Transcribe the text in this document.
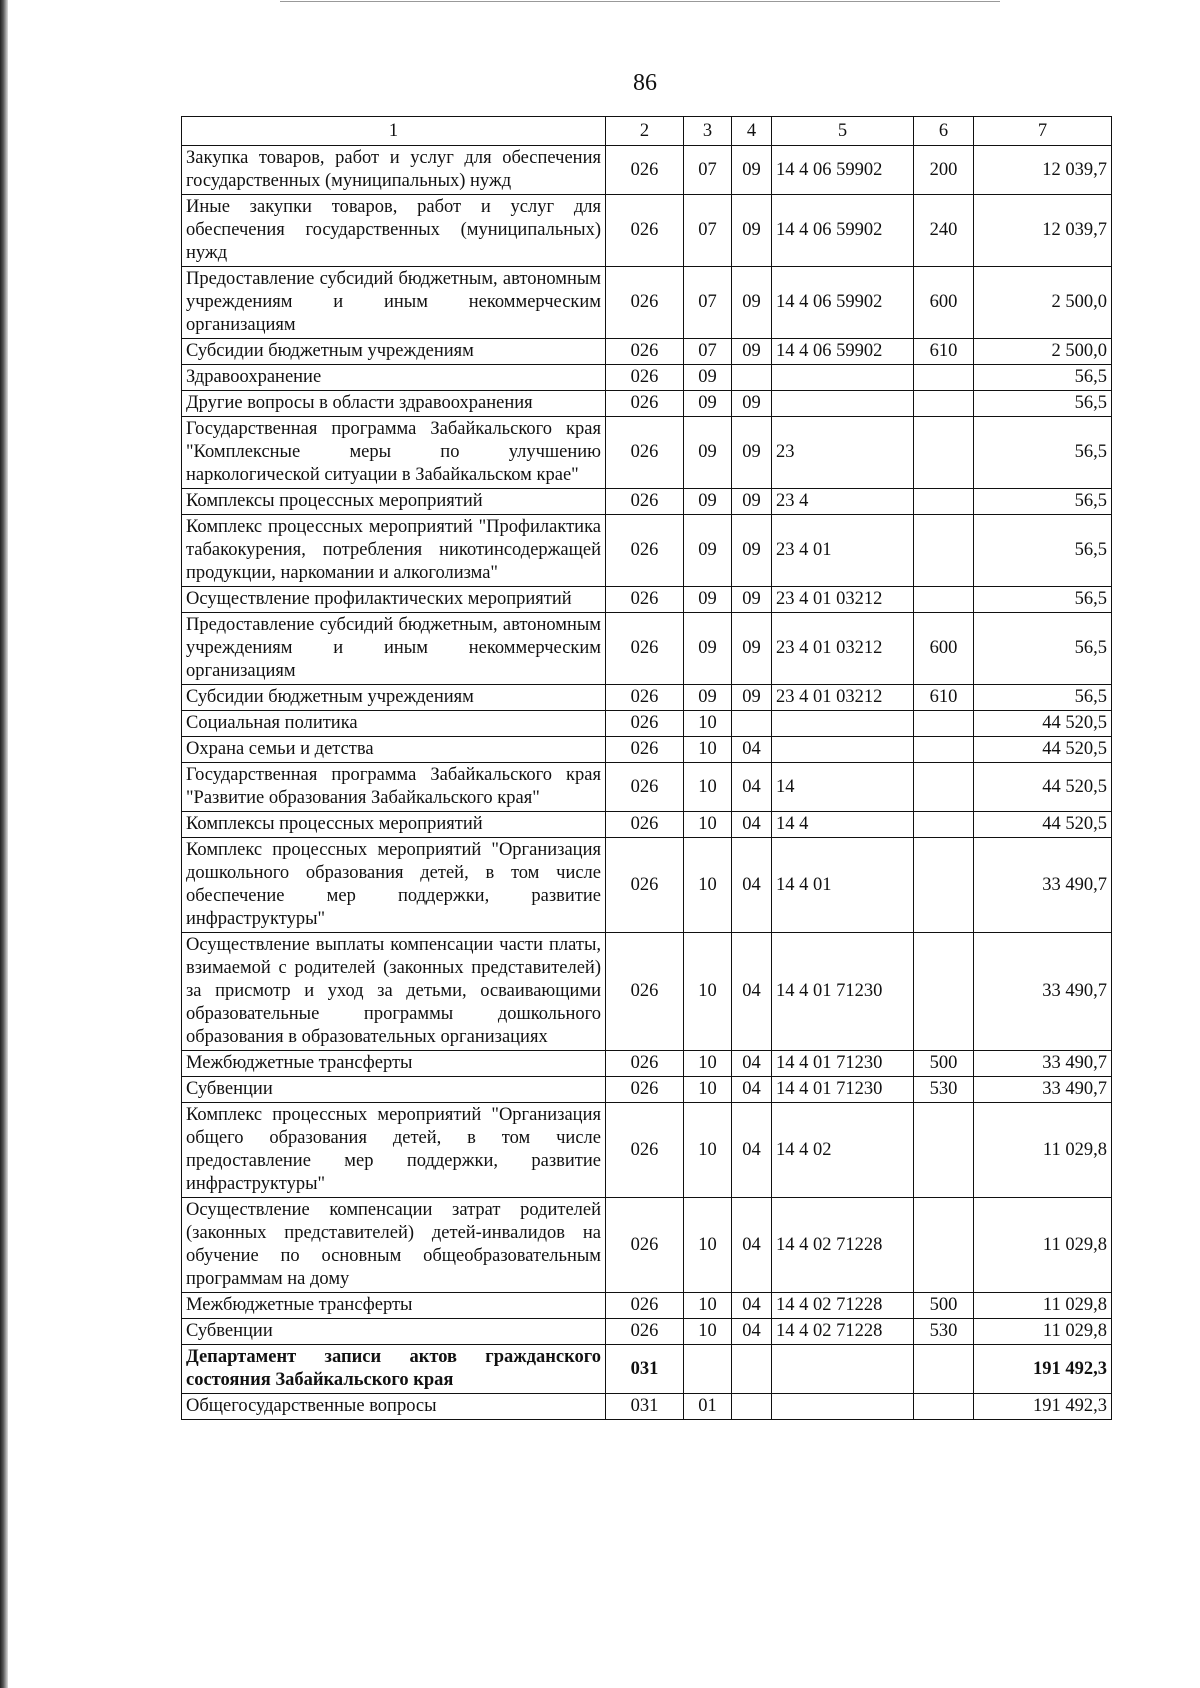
86
1	2	3	4	5	6	7
Закупка товаров, работ и услуг для обеспечения государственных (муниципальных) нужд	026	07	09	14 4 06 59902	200	12 039,7
Иные закупки товаров, работ и услуг для обеспечения государственных (муниципальных) нужд	026	07	09	14 4 06 59902	240	12 039,7
Предоставление субсидий бюджетным, автономным учреждениям и иным некоммерческим организациям	026	07	09	14 4 06 59902	600	2 500,0
Субсидии бюджетным учреждениям	026	07	09	14 4 06 59902	610	2 500,0
Здравоохранение	026	09				56,5
Другие вопросы в области здравоохранения	026	09	09			56,5
Государственная программа Забайкальского края "Комплексные меры по улучшению наркологической ситуации в Забайкальском крае"	026	09	09	23		56,5
Комплексы процессных мероприятий	026	09	09	23 4		56,5
Комплекс процессных мероприятий "Профилактика табакокурения, потребления никотинсодержащей продукции, наркомании и алкоголизма"	026	09	09	23 4 01		56,5
Осуществление профилактических мероприятий	026	09	09	23 4 01 03212		56,5
Предоставление субсидий бюджетным, автономным учреждениям и иным некоммерческим организациям	026	09	09	23 4 01 03212	600	56,5
Субсидии бюджетным учреждениям	026	09	09	23 4 01 03212	610	56,5
Социальная политика	026	10				44 520,5
Охрана семьи и детства	026	10	04			44 520,5
Государственная программа Забайкальского края "Развитие образования Забайкальского края"	026	10	04	14		44 520,5
Комплексы процессных мероприятий	026	10	04	14 4		44 520,5
Комплекс процессных мероприятий "Организация дошкольного образования детей, в том числе обеспечение мер поддержки, развитие инфраструктуры"	026	10	04	14 4 01		33 490,7
Осуществление выплаты компенсации части платы, взимаемой с родителей (законных представителей) за присмотр и уход за детьми, осваивающими образовательные программы дошкольного образования в образовательных организациях	026	10	04	14 4 01 71230		33 490,7
Межбюджетные трансферты	026	10	04	14 4 01 71230	500	33 490,7
Субвенции	026	10	04	14 4 01 71230	530	33 490,7
Комплекс процессных мероприятий "Организация общего образования детей, в том числе предоставление мер поддержки, развитие инфраструктуры"	026	10	04	14 4 02		11 029,8
Осуществление компенсации затрат родителей (законных представителей) детей-инвалидов на обучение по основным общеобразовательным программам на дому	026	10	04	14 4 02 71228		11 029,8
Межбюджетные трансферты	026	10	04	14 4 02 71228	500	11 029,8
Субвенции	026	10	04	14 4 02 71228	530	11 029,8
Департамент записи актов гражданского состояния Забайкальского края	031					191 492,3
Общегосударственные вопросы	031	01				191 492,3
